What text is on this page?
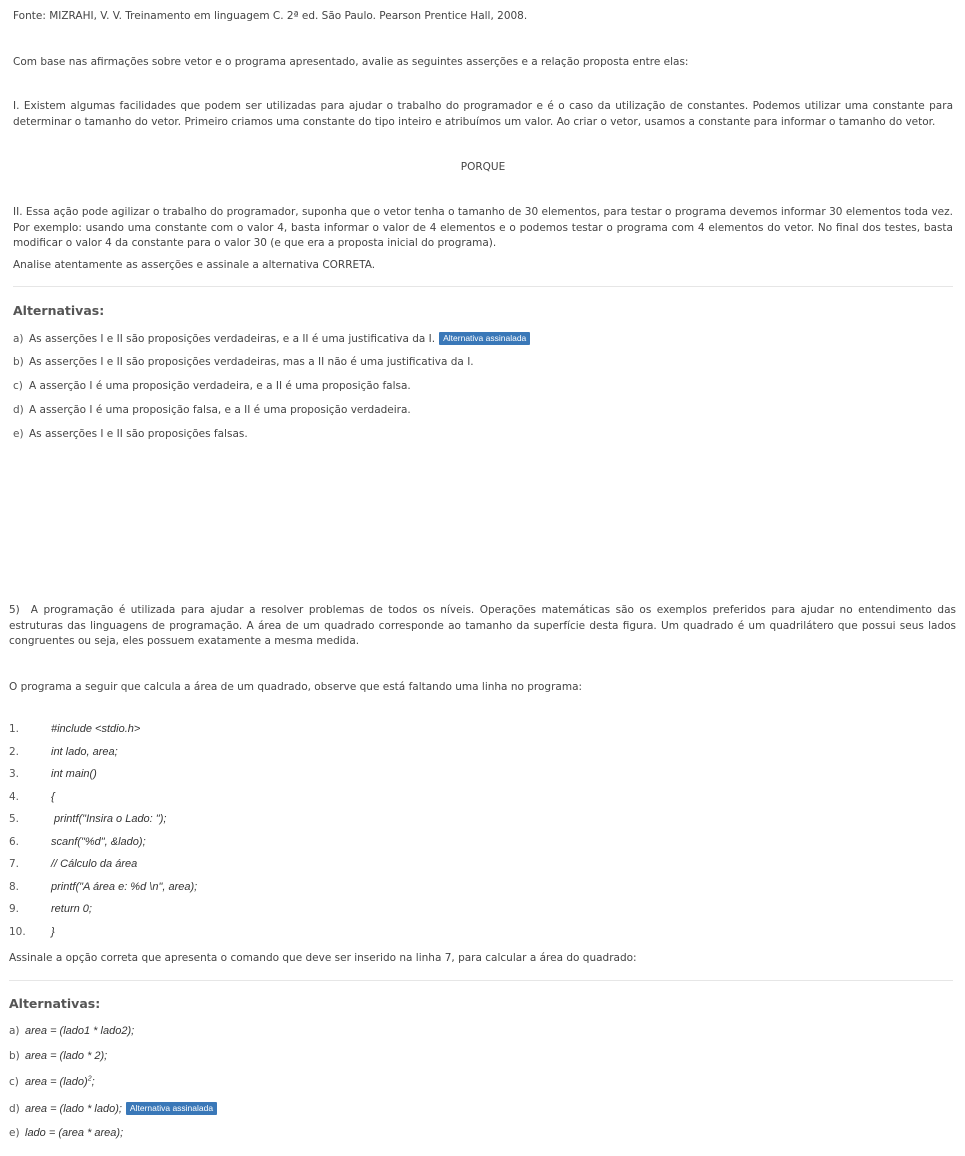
Fonte: MIZRAHI, V. V. Treinamento em linguagem C. 2ª ed. São Paulo. Pearson Prentice Hall, 2008.
Com base nas afirmações sobre vetor e o programa apresentado, avalie as seguintes asserções e a relação proposta entre elas:
I. Existem algumas facilidades que podem ser utilizadas para ajudar o trabalho do programador e é o caso da utilização de constantes. Podemos utilizar uma constante para determinar o tamanho do vetor. Primeiro criamos uma constante do tipo inteiro e atribuímos um valor. Ao criar o vetor, usamos a constante para informar o tamanho do vetor.
PORQUE
II. Essa ação pode agilizar o trabalho do programador, suponha que o vetor tenha o tamanho de 30 elementos, para testar o programa devemos informar 30 elementos toda vez. Por exemplo: usando uma constante com o valor 4, basta informar o valor de 4 elementos e o podemos testar o programa com 4 elementos do vetor. No final dos testes, basta modificar o valor 4 da constante para o valor 30 (e que era a proposta inicial do programa).
Analise atentamente as asserções e assinale a alternativa CORRETA.
Alternativas:
a) As asserções I e II são proposições verdadeiras, e a II é uma justificativa da I. Alternativa assinalada
b) As asserções I e II são proposições verdadeiras, mas a II não é uma justificativa da I.
c) A asserção I é uma proposição verdadeira, e a II é uma proposição falsa.
d) A asserção I é uma proposição falsa, e a II é uma proposição verdadeira.
e) As asserções I e II são proposições falsas.
5) A programação é utilizada para ajudar a resolver problemas de todos os níveis. Operações matemáticas são os exemplos preferidos para ajudar no entendimento das estruturas das linguagens de programação. A área de um quadrado corresponde ao tamanho da superfície desta figura. Um quadrado é um quadrilátero que possui seus lados congruentes ou seja, eles possuem exatamente a mesma medida.
O programa a seguir que calcula a área de um quadrado, observe que está faltando uma linha no programa:
1.	#include <stdio.h>
2.	int lado, area;
3.	int main()
4.	{
5.	printf("Insira o Lado: ");
6.	scanf("%d", &lado);
7.	// Cálculo da área
8.	printf("A área e: %d \n", area);
9.	return 0;
10. }
Assinale a opção correta que apresenta o comando que deve ser inserido na linha 7, para calcular a área do quadrado:
Alternativas:
a) area = (lado1 * lado2);
b) area = (lado * 2);
c) area = (lado)$^2$;
d) area = (lado * lado); Alternativa assinalada
e) lado = (area * area);
